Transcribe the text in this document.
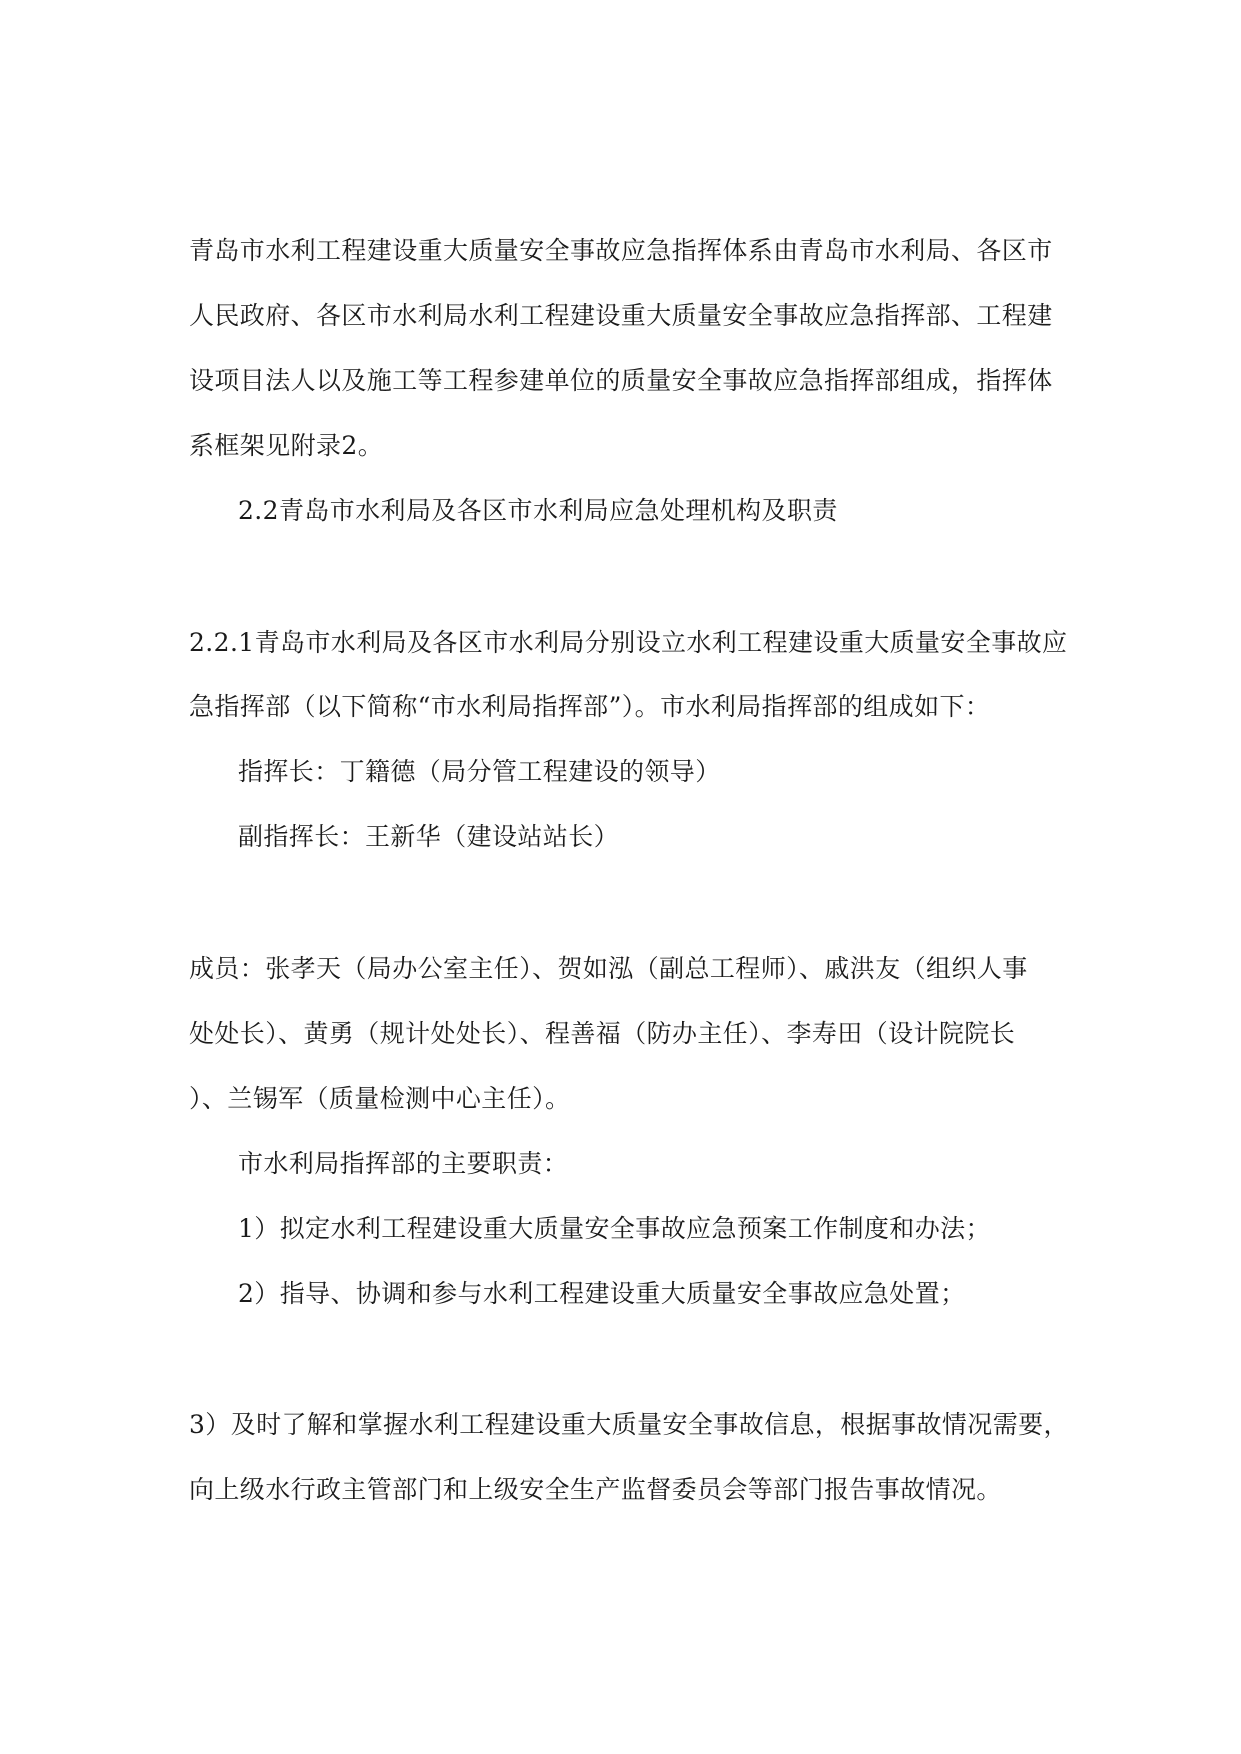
青岛市水利工程建设重大质量安全事故应急指挥体系由青岛市水利局、各区市
人民政府、各区市水利局水利工程建设重大质量安全事故应急指挥部、工程建
设项目法人以及施工等工程参建单位的质量安全事故应急指挥部组成，指挥体
系框架见附录2。
2.2青岛市水利局及各区市水利局应急处理机构及职责
2.2.1青岛市水利局及各区市水利局分别设立水利工程建设重大质量安全事故应
急指挥部（以下简称“市水利局指挥部”）。市水利局指挥部的组成如下：
指挥长：丁籍德（局分管工程建设的领导）
副指挥长：王新华（建设站站长）
成员：张孝天（局办公室主任）、贺如泓（副总工程师）、戚洪友（组织人事
处处长）、黄勇（规计处处长）、程善福（防办主任）、李寿田（设计院院长
）、兰锡军（质量检测中心主任）。
市水利局指挥部的主要职责：
1）拟定水利工程建设重大质量安全事故应急预案工作制度和办法；
2）指导、协调和参与水利工程建设重大质量安全事故应急处置；
3）及时了解和掌握水利工程建设重大质量安全事故信息，根据事故情况需要，
向上级水行政主管部门和上级安全生产监督委员会等部门报告事故情况。
